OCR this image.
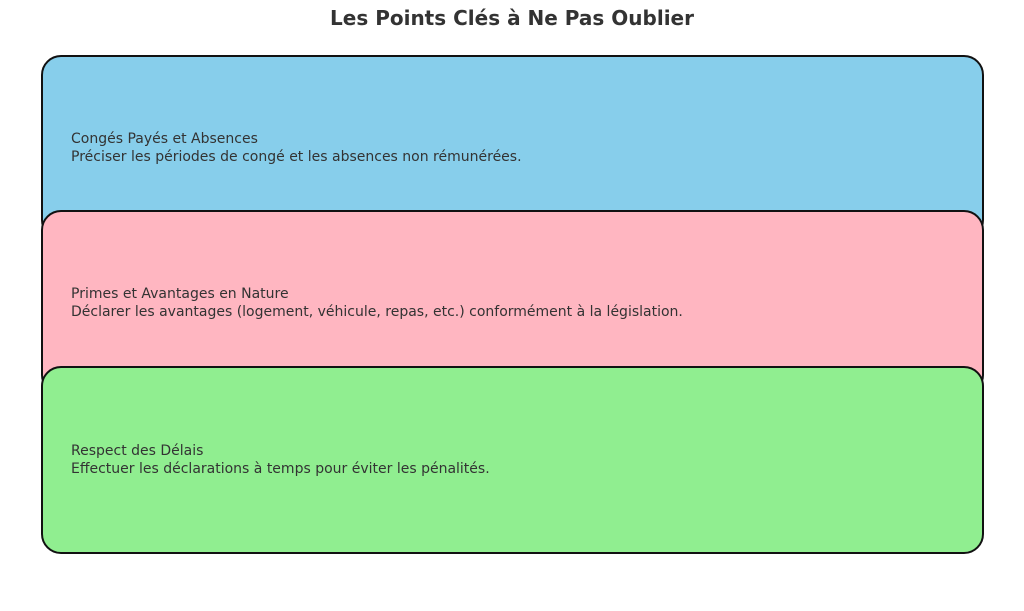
Les Points Clés à Ne Pas Oublier
Congés Payés et Absences
Préciser les périodes de congé et les absences non rémunérées.
Primes et Avantages en Nature
Déclarer les avantages (logement, véhicule, repas, etc.) conformément à la législation.
Respect des Délais
Effectuer les déclarations à temps pour éviter les pénalités.
